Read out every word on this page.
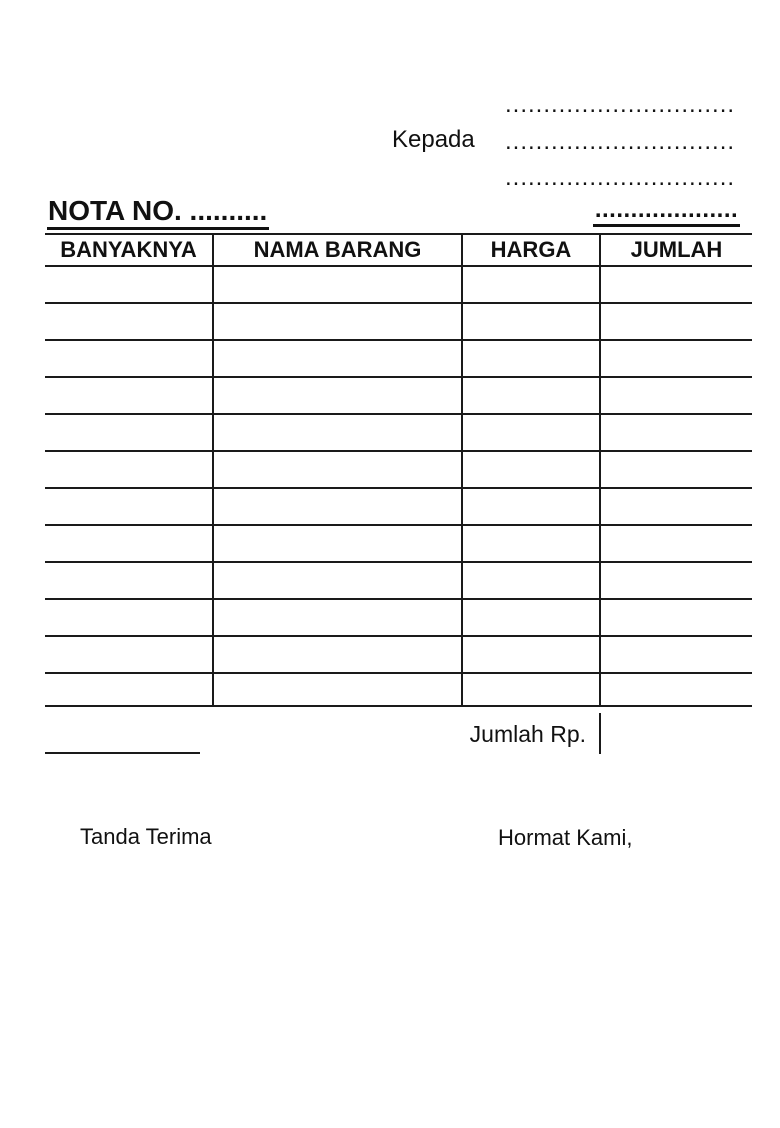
Kepada
..............................
..............................
..............................
NOTA NO. ..........	....................
BANYAKNYA	NAMA BARANG	HARGA	JUMLAH

Jumlah Rp.
Tanda Terima	Hormat Kami,
